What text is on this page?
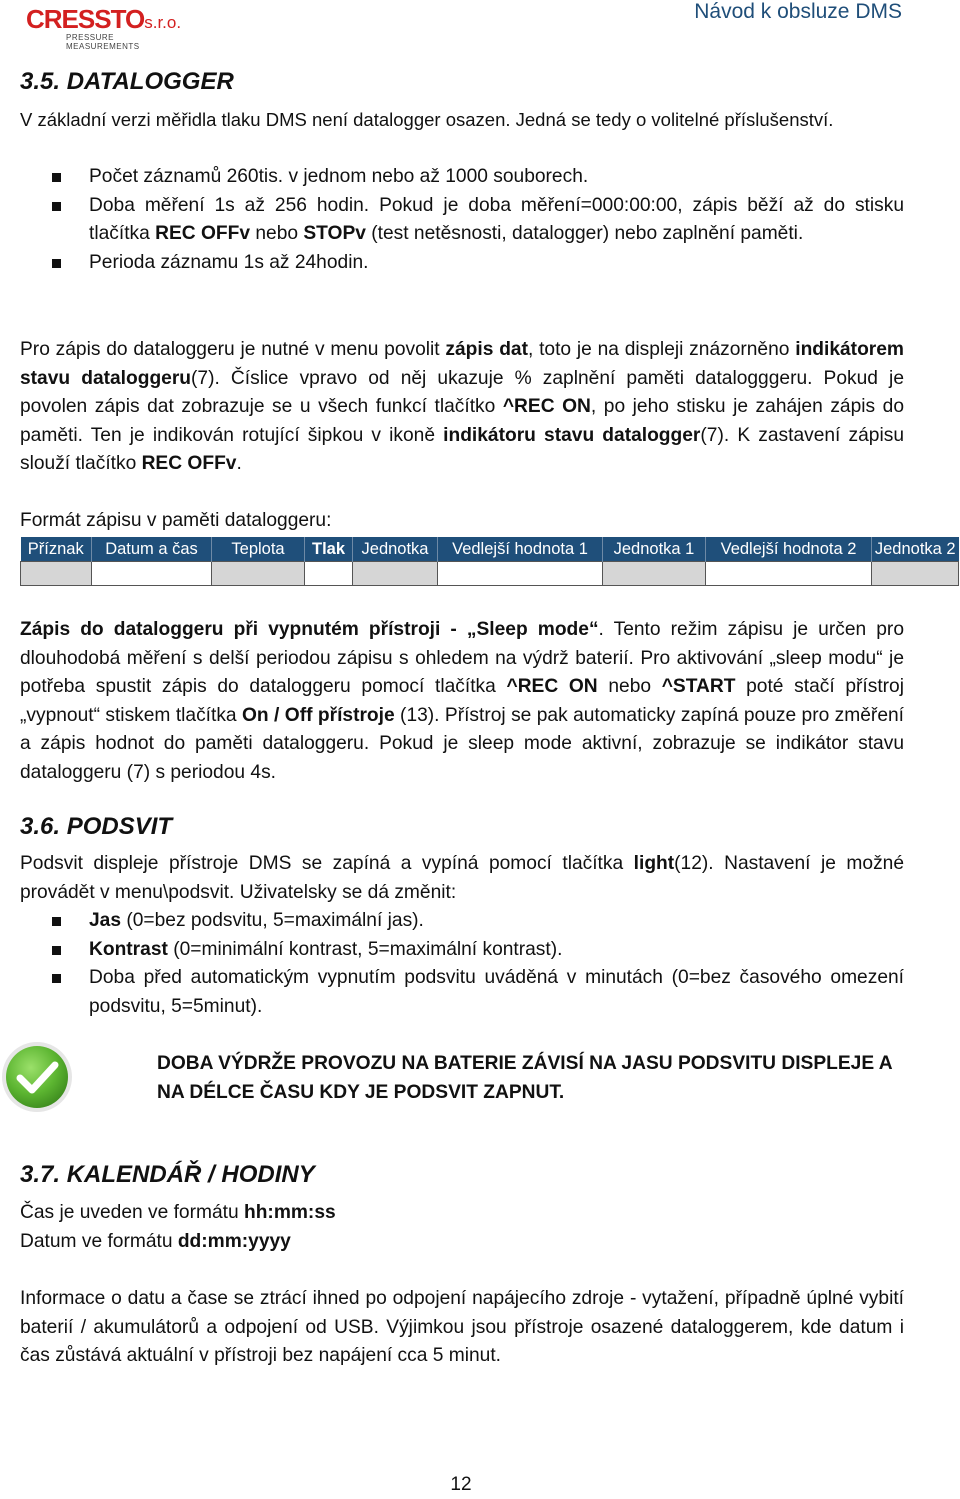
CRESSTOs.r.o.
PRESSURE MEASUREMENTS
Návod k obsluze DMS
3.5. DATALOGGER

V základní verzi měřidla tlaku DMS není datalogger osazen. Jedná se tedy o volitelné příslušenství.

Počet záznamů 260tis. v jednom nebo až 1000 souborech.
Doba měření 1s až 256 hodin. Pokud je doba měření=000:00:00, zápis běží až do stisku tlačítka REC OFFv nebo STOPv (test netěsnosti, datalogger) nebo zaplnění paměti.
Perioda záznamu 1s až 24hodin.

Pro zápis do dataloggeru je nutné v menu povolit zápis dat, toto je na displeji znázorněno indikátorem stavu dataloggeru(7). Číslice vpravo od něj ukazuje % zaplnění paměti datalogggeru. Pokud je povolen zápis dat zobrazuje se u všech funkcí tlačítko ^REC ON, po jeho stisku je zahájen zápis do paměti. Ten je indikován rotující šipkou v ikoně indikátoru stavu datalogger(7). K zastavení zápisu slouží tlačítko REC OFFv.

Formát zápisu v paměti dataloggeru:

Příznak	Datum a čas	Teplota	Tlak	Jednotka	Vedlejší hodnota 1	Jednotka 1	Vedlejší hodnota 2	Jednotka 2

Zápis do dataloggeru při vypnutém přístroji - „Sleep mode“. Tento režim zápisu je určen pro dlouhodobá měření s delší periodou zápisu s ohledem na výdrž baterií. Pro aktivování „sleep modu“ je potřeba spustit zápis do dataloggeru pomocí tlačítka ^REC ON nebo ^START poté stačí přístroj „vypnout“ stiskem tlačítka On / Off přístroje (13). Přístroj se pak automaticky zapíná pouze pro změření a zápis hodnot do paměti dataloggeru. Pokud je sleep mode aktivní, zobrazuje se indikátor stavu dataloggeru (7) s periodou 4s.

3.6. PODSVIT

Podsvit displeje přístroje DMS se zapíná a vypíná pomocí tlačítka light(12). Nastavení je možné provádět v menu\podsvit. Uživatelsky se dá změnit:

Jas (0=bez podsvitu, 5=maximální jas).
Kontrast (0=minimální kontrast, 5=maximální kontrast).
Doba před automatickým vypnutím podsvitu uváděná v minutách (0=bez časového omezení podsvitu, 5=5minut).

DOBA VÝDRŽE PROVOZU NA BATERIE ZÁVISÍ NA JASU PODSVITU DISPLEJE A NA DÉLCE ČASU KDY JE PODSVIT ZAPNUT.

3.7. KALENDÁŘ / HODINY

Čas je uveden ve formátu hh:mm:ss

Datum ve formátu dd:mm:yyyy

Informace o datu a čase se ztrácí ihned po odpojení napájecího zdroje - vytažení, případně úplné vybití baterií / akumulátorů a odpojení od USB. Výjimkou jsou přístroje osazené dataloggerem, kde datum i čas zůstává aktuální v přístroji bez napájení cca 5 minut.

12
